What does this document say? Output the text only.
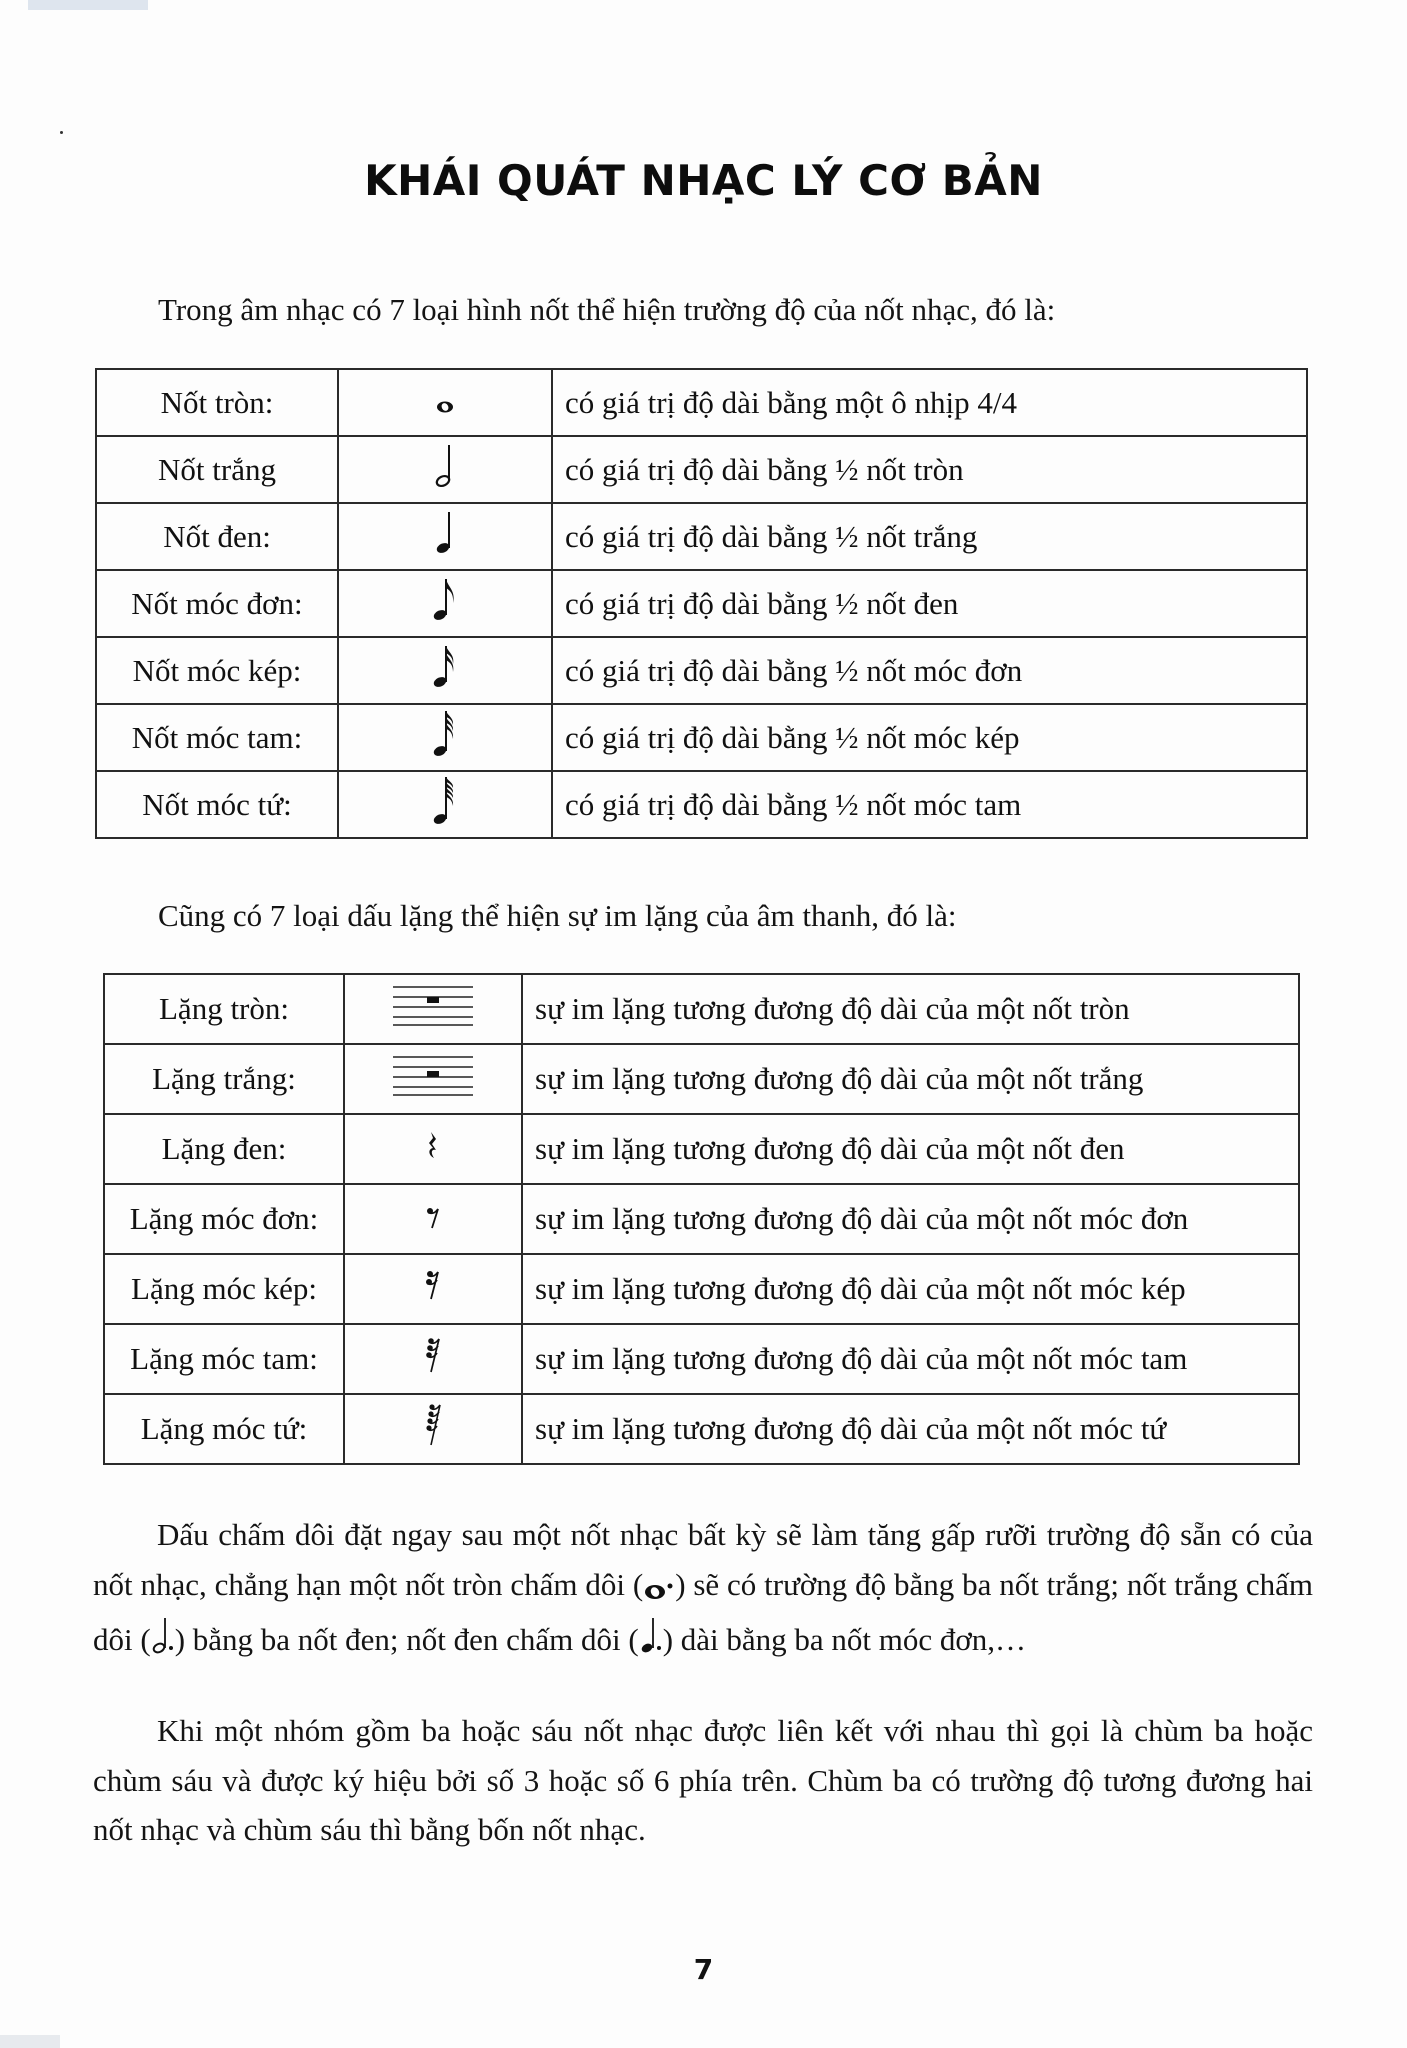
KHÁI QUÁT NHẠC LÝ CƠ BẢN
Trong âm nhạc có 7 loại hình nốt thể hiện trường độ của nốt nhạc, đó là:
Nốt tròn:		có giá trị độ dài bằng một ô nhịp 4/4
Nốt trắng		có giá trị độ dài bằng ½ nốt tròn
Nốt đen:		có giá trị độ dài bằng ½ nốt trắng
Nốt móc đơn:		có giá trị độ dài bằng ½ nốt đen
Nốt móc kép:		có giá trị độ dài bằng ½ nốt móc đơn
Nốt móc tam:		có giá trị độ dài bằng ½ nốt móc kép
Nốt móc tứ:		có giá trị độ dài bằng ½ nốt móc tam
Cũng có 7 loại dấu lặng thể hiện sự im lặng của âm thanh, đó là:
Lặng tròn:		sự im lặng tương đương độ dài của một nốt tròn
Lặng trắng:		sự im lặng tương đương độ dài của một nốt trắng
Lặng đen:		sự im lặng tương đương độ dài của một nốt đen
Lặng móc đơn:		sự im lặng tương đương độ dài của một nốt móc đơn
Lặng móc kép:		sự im lặng tương đương độ dài của một nốt móc kép
Lặng móc tam:		sự im lặng tương đương độ dài của một nốt móc tam
Lặng móc tứ:		sự im lặng tương đương độ dài của một nốt móc tứ

Dấu chấm dôi đặt ngay sau một nốt nhạc bất kỳ sẽ làm tăng gấp rưỡi trường độ sẵn có của nốt nhạc, chẳng hạn một nốt tròn chấm dôi ( ) sẽ có trường độ bằng ba nốt trắng; nốt trắng chấm dôi ( ) bằng ba nốt đen; nốt đen chấm dôi ( ) dài bằng ba nốt móc đơn,…

Khi một nhóm gồm ba hoặc sáu nốt nhạc được liên kết với nhau thì gọi là chùm ba hoặc chùm sáu và được ký hiệu bởi số 3 hoặc số 6 phía trên. Chùm ba có trường độ tương đương hai nốt nhạc và chùm sáu thì bằng bốn nốt nhạc.

7
